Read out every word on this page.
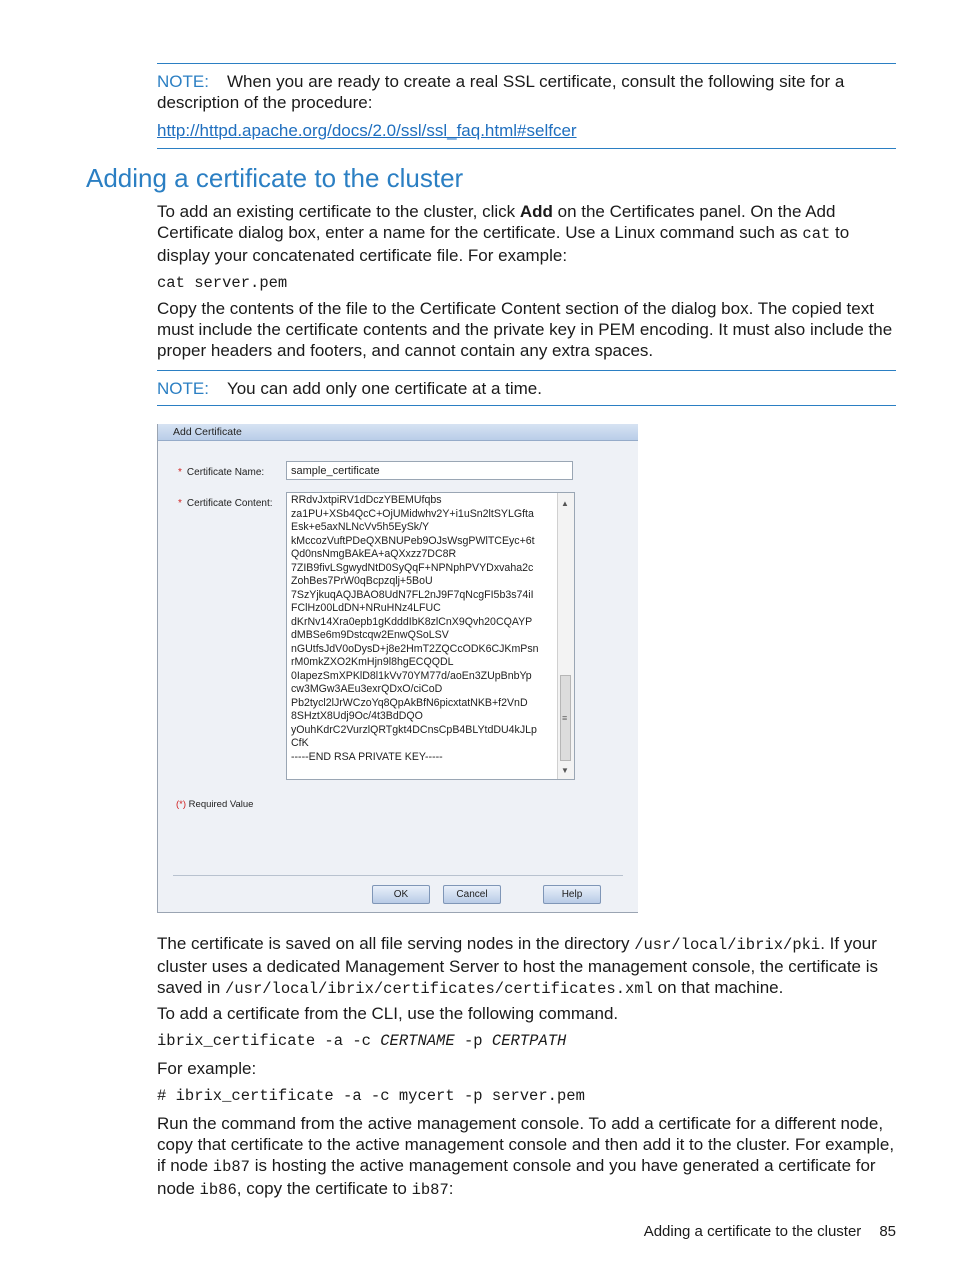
NOTE: When you are ready to create a real SSL certificate, consult the following site for a
description of the procedure:
http://httpd.apache.org/docs/2.0/ssl/ssl_faq.html#selfcer
Adding a certificate to the cluster

To add an existing certificate to the cluster, click Add on the Certificates panel. On the Add Certificate dialog box, enter a name for the certificate. Use a Linux command such as cat to display your concatenated certificate file. For example:

cat server.pem

Copy the contents of the file to the Certificate Content section of the dialog box. The copied text must include the certificate contents and the private key in PEM encoding. It must also include the proper headers and footers, and cannot contain any extra spaces.

NOTE: You can add only one certificate at a time.
Add Certificate
* Certificate Name:	sample_certificate
* Certificate Content: RRdvJxtpiRV1dDczYBEMUfqbs
za1PU+XSb4QcC+OjUMidwhv2Y+i1uSn2ltSYLGfta
Esk+e5axNLNcVv5h5EySk/Y
kMccozVuftPDeQXBNUPeb9OJsWsgPWlTCEyc+6t
Qd0nsNmgBAkEA+aQXxzz7DC8R
7ZIB9fivLSgwydNtD0SyQqF+NPNphPVYDxvaha2c
ZohBes7PrW0qBcpzqlj+5BoU
7SzYjkuqAQJBAO8UdN7FL2nJ9F7qNcgFI5b3s74iI
FClHz00LdDN+NRuHNz4LFUC
dKrNv14Xra0epb1gKdddIbK8zlCnX9Qvh20CQAYP
dMBSe6m9Dstcqw2EnwQSoLSV
nGUtfsJdV0oDysD+j8e2HmT2ZQCcODK6CJKmPsn
rM0mkZXO2KmHjn9l8hgECQQDL
0IapezSmXPKlD8l1kVv70YM77d/aoEn3ZUpBnbYp
cw3MGw3AEu3exrQDxO/ciCoD
Pb2tycl2lJrWCzoYq8QpAkBfN6picxtatNKB+f2VnD
8SHztX8Udj9Oc/4t3BdDQO
yOuhKdrC2VurzlQRTgkt4DCnsCpB4BLYtdDU4kJLp
CfK
-----END RSA PRIVATE KEY-----
▲
≡
▼
(*) Required Value
OK	Cancel	Help

The certificate is saved on all file serving nodes in the directory /usr/local/ibrix/pki. If your cluster uses a dedicated Management Server to host the management console, the certificate is saved in /usr/local/ibrix/certificates/certificates.xml on that machine.

To add a certificate from the CLI, use the following command.

ibrix_certificate -a -c CERTNAME -p CERTPATH

For example:

# ibrix_certificate -a -c mycert -p server.pem

Run the command from the active management console. To add a certificate for a different node, copy that certificate to the active management console and then add it to the cluster. For example, if node ib87 is hosting the active management console and you have generated a certificate for node ib86, copy the certificate to ib87:

Adding a certificate to the cluster 85
